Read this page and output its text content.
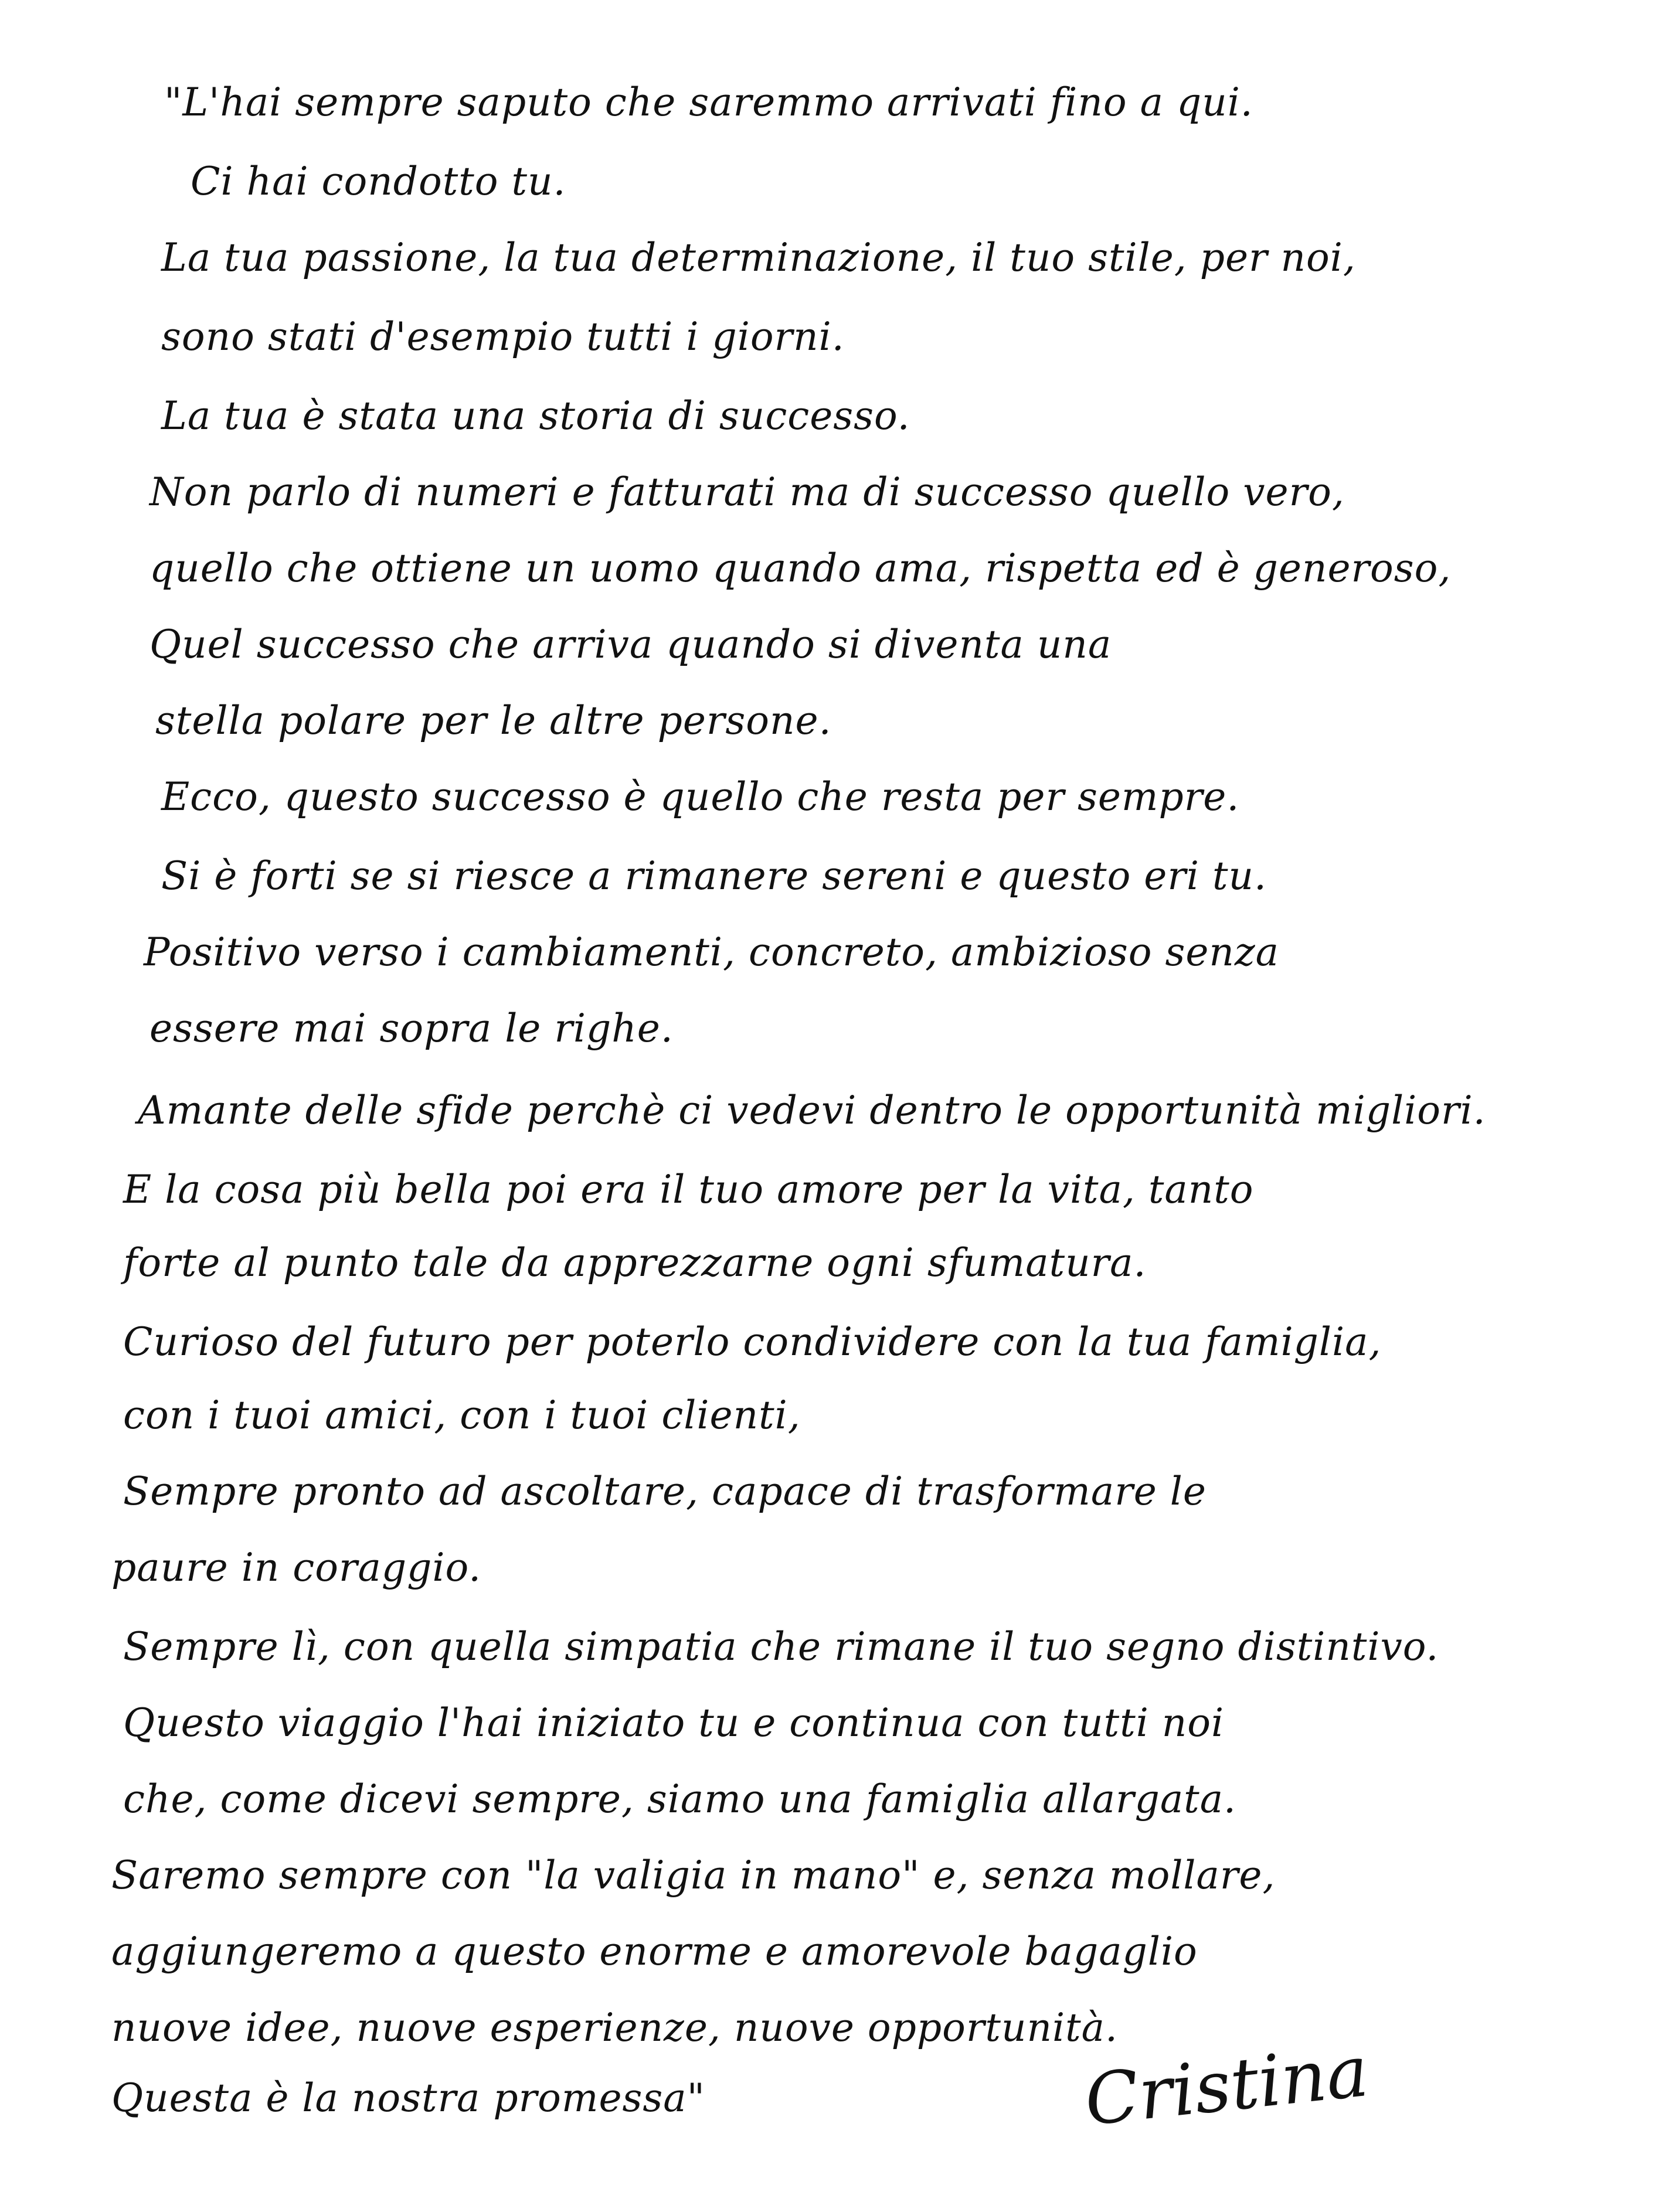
"L'hai sempre saputo che saremmo arrivati fino a qui.
Ci hai condotto tu.
La tua passione, la tua determinazione, il tuo stile, per noi,
sono stati d'esempio tutti i giorni.
La tua è stata una storia di successo.
Non parlo di numeri e fatturati ma di successo quello vero,
quello che ottiene un uomo quando ama, rispetta ed è generoso,
Quel successo che arriva quando si diventa una
stella polare per le altre persone.
Ecco, questo successo è quello che resta per sempre.
Si è forti se si riesce a rimanere sereni e questo eri tu.
Positivo verso i cambiamenti, concreto, ambizioso senza
essere mai sopra le righe.
Amante delle sfide perchè ci vedevi dentro le opportunità migliori.
E la cosa più bella poi era il tuo amore per la vita, tanto
forte al punto tale da apprezzarne ogni sfumatura.
Curioso del futuro per poterlo condividere con la tua famiglia,
con i tuoi amici, con i tuoi clienti,
Sempre pronto ad ascoltare, capace di trasformare le
paure in coraggio.
Sempre lì, con quella simpatia che rimane il tuo segno distintivo.
Questo viaggio l'hai iniziato tu e continua con tutti noi
che, come dicevi sempre, siamo una famiglia allargata.
Saremo sempre con "la valigia in mano" e, senza mollare,
aggiungeremo a questo enorme e amorevole bagaglio
nuove idee, nuove esperienze, nuove opportunità.
Questa è la nostra promessa"	Cristina
